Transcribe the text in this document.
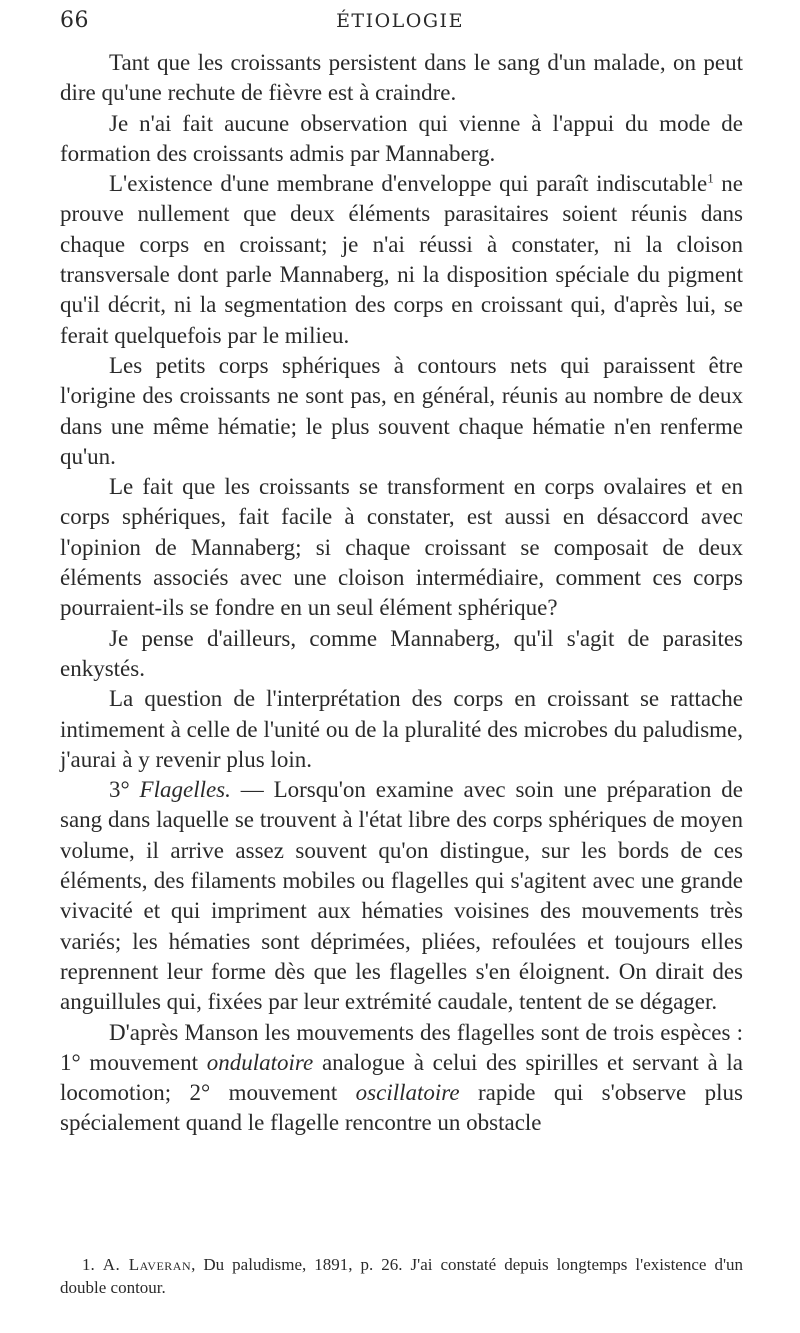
66	ÉTIOLOGIE

Tant que les croissants persistent dans le sang d'un malade, on peut dire qu'une rechute de fièvre est à craindre.

Je n'ai fait aucune observation qui vienne à l'appui du mode de formation des croissants admis par Mannaberg.

L'existence d'une membrane d'enveloppe qui paraît indiscutable$^1$ ne prouve nullement que deux éléments parasitaires soient réunis dans chaque corps en croissant; je n'ai réussi à constater, ni la cloison transversale dont parle Mannaberg, ni la disposition spéciale du pigment qu'il décrit, ni la segmentation des corps en croissant qui, d'après lui, se ferait quelquefois par le milieu.

Les petits corps sphériques à contours nets qui paraissent être l'origine des croissants ne sont pas, en général, réunis au nombre de deux dans une même hématie; le plus souvent chaque hématie n'en renferme qu'un.

Le fait que les croissants se transforment en corps ovalaires et en corps sphériques, fait facile à constater, est aussi en désaccord avec l'opinion de Mannaberg; si chaque croissant se composait de deux éléments associés avec une cloison intermédiaire, comment ces corps pourraient-ils se fondre en un seul élément sphérique?

Je pense d'ailleurs, comme Mannaberg, qu'il s'agit de parasites enkystés.

La question de l'interprétation des corps en croissant se rattache intimement à celle de l'unité ou de la pluralité des microbes du paludisme, j'aurai à y revenir plus loin.

3° Flagelles. — Lorsqu'on examine avec soin une préparation de sang dans laquelle se trouvent à l'état libre des corps sphériques de moyen volume, il arrive assez souvent qu'on distingue, sur les bords de ces éléments, des filaments mobiles ou flagelles qui s'agitent avec une grande vivacité et qui impriment aux hématies voisines des mouvements très variés; les hématies sont déprimées, pliées, refoulées et toujours elles reprennent leur forme dès que les flagelles s'en éloignent. On dirait des anguillules qui, fixées par leur extrémité caudale, tentent de se dégager.

D'après Manson les mouvements des flagelles sont de trois espèces : 1° mouvement ondulatoire analogue à celui des spirilles et servant à la locomotion; 2° mouvement oscillatoire rapide qui s'observe plus spécialement quand le flagelle rencontre un obstacle

1. A. Laveran, Du paludisme, 1891, p. 26. J'ai constaté depuis longtemps l'existence d'un double contour.
